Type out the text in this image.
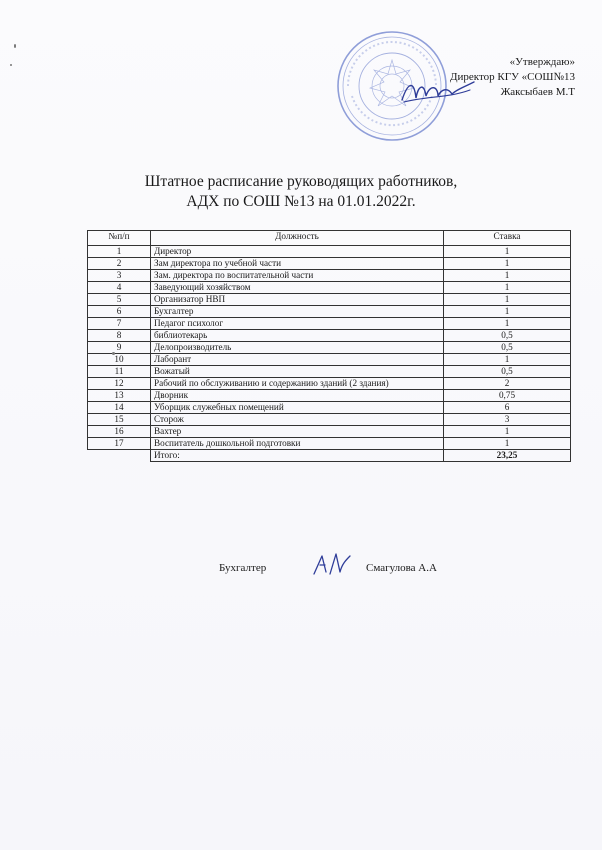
«Утверждаю»
Директор КГУ «СОШ№13
Жаксыбаев М.Т
Штатное расписание руководящих работников,
АДХ по СОШ №13 на 01.01.2022г.
№п/п	Должность	Ставка
1	Директор	1
2	Зам директора по учебной части	1
3	Зам. директора по воспитательной части	1
4	Заведующий хозяйством	1
5	Организатор НВП	1
6	Бухгалтер	1
7	Педагог психолог	1
8	библиотекарь	0,5
9	Делопроизводитель	0,5
10	Лаборант	1
11	Вожатый	0,5
12	Рабочий по обслуживанию и содержанию зданий (2 здания)	2
13	Дворник	0,75
14	Уборщик служебных помещений	6
15	Сторож	3
16	Вахтер	1
17	Воспитатель дошкольной подготовки	1
	Итого:	23,25
Бухгалтер	Смагулова А.А
